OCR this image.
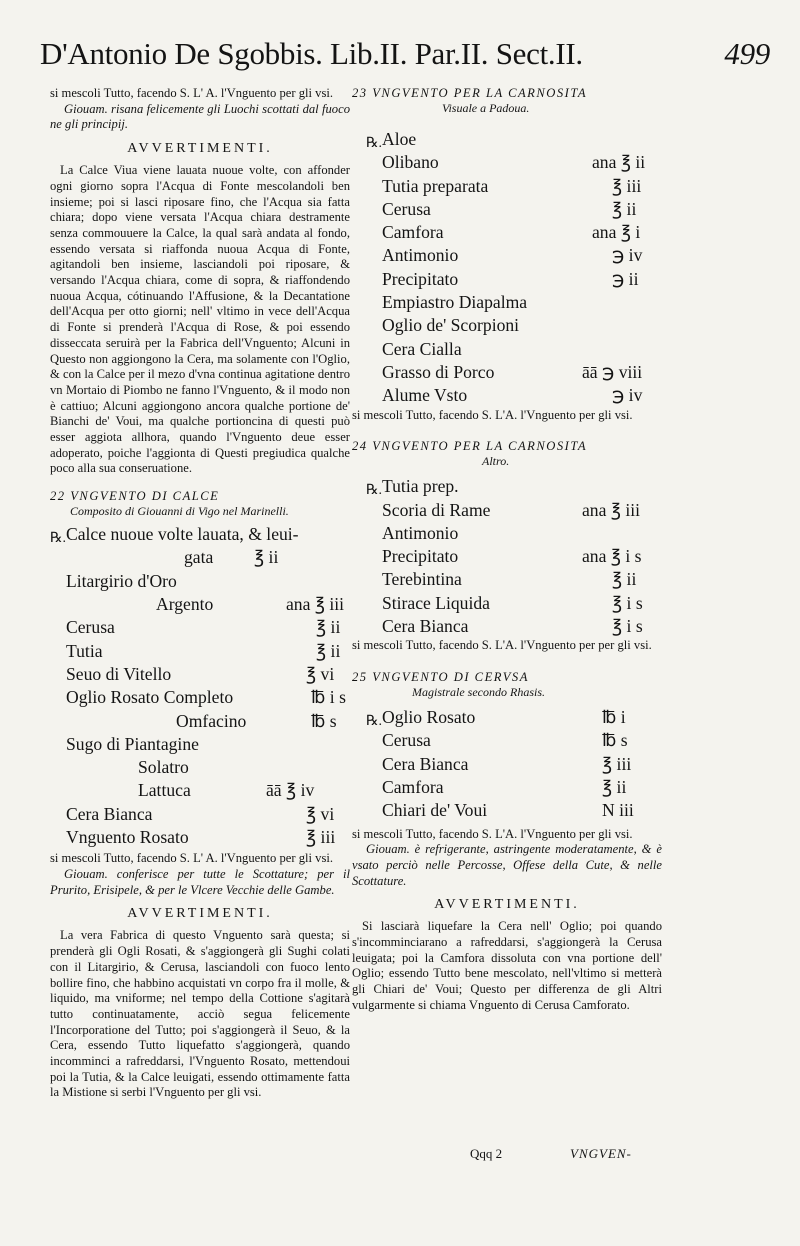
D'Antonio De Sgobbis. Lib.II. Par.II. Sect.II.	499

si mescoli Tutto, facendo S. L' A. l'Vnguento per gli vsi.

Giouam. risana felicemente gli Luochi scottati dal fuoco ne gli principij.

AVVERTIMENTI.

La Calce Viua viene lauata nuoue volte, con affonder ogni giorno sopra l'Acqua di Fonte mescolandoli ben insieme; poi si lasci riposare fino, che l'Acqua sia fatta chiara; dopo viene versata l'Acqua chiara destramente senza commouuere la Calce, la qual sarà andata al fondo, essendo versata si riaffonda nuoua Acqua di Fonte, agitandoli ben insieme, lasciandoli poi riposare, & versando l'Acqua chiara, come di sopra, & riaffondendo nuoua Acqua, cótinuando l'Affusione, & la Decantatione dell'Acqua per otto giorni; nell' vltimo in vece dell'Acqua di Fonte si prenderà l'Acqua di Rose, & poi essendo disseccata seruirà per la Fabrica dell'Vnguento; Alcuni in Questo non aggiongono la Cera, ma solamente con l'Oglio, & con la Calce per il mezo d'vna continua agitatione dentro vn Mortaio di Piombo ne fanno l'Vnguento, & il modo non è cattiuo; Alcuni aggiongono ancora qualche portione de' Bianchi de' Voui, ma qualche portioncina di questi può esser aggiota allhora, quando l'Vnguento deue esser adoperato, poiche l'aggionta di Questi pregiudica qualche poco alla sua conseruatione.

22 VNGVENTO DI CALCE

Composito di Giouanni di Vigo nel Marinelli.

℞. Calce nuoue volte lauata, & leui-
gata ℥ ii
Litargirio d'Oro
Argento	ana ℥ iii
Cerusa	℥ ii
Tutia	℥ ii
Seuo di Vitello	℥ vi
Oglio Rosato Completo	℔ i s
Omfacino	℔ s
Sugo di Piantagine
Solatro
Lattuca	āā ℥ iv
Cera Bianca	℥ vi
Vnguento Rosato	℥ iii

si mescoli Tutto, facendo S. L' A. l'Vnguento per gli vsi.

Giouam. conferisce per tutte le Scottature; per il Prurito, Erisipele, & per le Vlcere Vecchie delle Gambe.

AVVERTIMENTI.

La vera Fabrica di questo Vnguento sarà questa; si prenderà gli Ogli Rosati, & s'aggiongerà gli Sughi colati con il Litargirio, & Cerusa, lasciandoli con fuoco lento bollire fino, che habbino acquistati vn corpo fra il molle, & liquido, ma vniforme; nel tempo della Cottione s'agitarà tutto continuatamente, acciò segua felicemente l'Incorporatione del Tutto; poi s'aggiongerà il Seuo, & la Cera, essendo Tutto liquefatto s'aggiongerà, quando incomminci a rafreddarsi, l'Vnguento Rosato, mettendoui poi la Tutia, & la Calce leuigati, essendo ottimamente fatta la Mistione si serbi l'Vnguento per gli vsi.

23 VNGVENTO PER LA CARNOSITA

Visuale a Padoua.

℞. Aloe
Olibano	ana ℥ ii
Tutia preparata	℥ iii
Cerusa	℥ ii
Camfora	ana ℥ i
Antimonio	℈ iv
Precipitato	℈ ii
Empiastro Diapalma
Oglio de' Scorpioni
Cera Cialla
Grasso di Porco	āā ℈ viii
Alume Vsto	℈ iv

si mescoli Tutto, facendo S. L'A. l'Vnguento per gli vsi.

24 VNGVENTO PER LA CARNOSITA

Altro.

℞. Tutia prep.
Scoria di Rame	ana ℥ iii
Antimonio
Precipitato	ana ℥ i s
Terebintina	℥ ii
Stirace Liquida	℥ i s
Cera Bianca	℥ i s

si mescoli Tutto, facendo S. L'A. l'Vnguento per per gli vsi.

25 VNGVENTO DI CERVSA

Magistrale secondo Rhasis.

℞. Oglio Rosato	℔ i
Cerusa	℔ s
Cera Bianca	℥ iii
Camfora	℥ ii
Chiari de' Voui	N iii

si mescoli Tutto, facendo S. L'A. l'Vnguento per gli vsi.

Giouam. è refrigerante, astringente moderatamente, & è vsato perciò nelle Percosse, Offese della Cute, & nelle Scottature.

AVVERTIMENTI.

Si lasciarà liquefare la Cera nell' Oglio; poi quando s'incomminciarano a rafreddarsi, s'aggiongerà la Cerusa leuigata; poi la Camfora dissoluta con vna portione dell' Oglio; essendo Tutto bene mescolato, nell'vltimo si metterà gli Chiari de' Voui; Questo per differenza de gli Altri vulgarmente si chiama Vnguento di Cerusa Camforato.

Qqq 2	VNGVEN-
